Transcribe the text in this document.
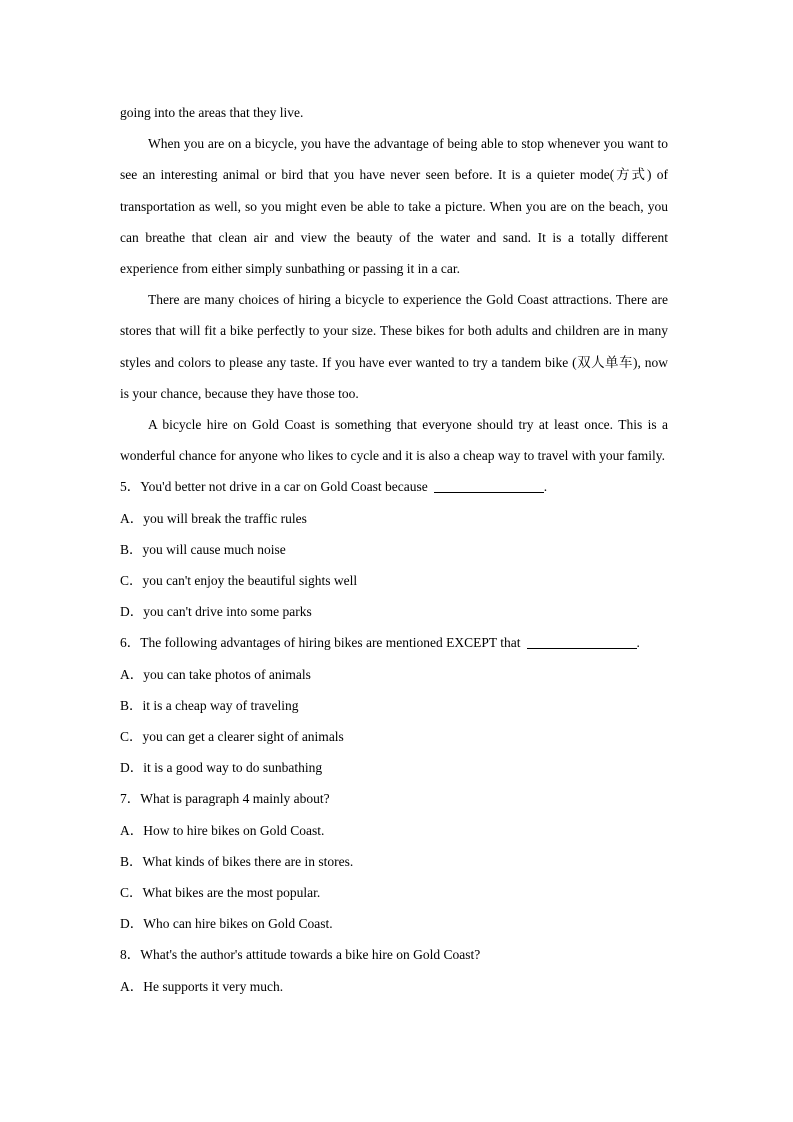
going into the areas that they live.

When you are on a bicycle, you have the advantage of being able to stop whenever you want to see an interesting animal or bird that you have never seen before. It is a quieter mode(方式) of transportation as well, so you might even be able to take a picture. When you are on the beach, you can breathe that clean air and view the beauty of the water and sand. It is a totally different experience from either simply sunbathing or passing it in a car.

There are many choices of hiring a bicycle to experience the Gold Coast attractions. There are stores that will fit a bike perfectly to your size. These bikes for both adults and children are in many styles and colors to please any taste. If you have ever wanted to try a tandem bike (双人单车), now is your chance, because they have those too.

A bicycle hire on Gold Coast is something that everyone should try at least once. This is a wonderful chance for anyone who likes to cycle and it is also a cheap way to travel with your family.

5．You'd better not drive in a car on Gold Coast because	.

A．you will break the traffic rules

B．you will cause much noise

C．you can't enjoy the beautiful sights well

D．you can't drive into some parks

6．The following advantages of hiring bikes are mentioned EXCEPT that	.

A．you can take photos of animals

B．it is a cheap way of traveling

C．you can get a clearer sight of animals

D．it is a good way to do sunbathing

7．What is paragraph 4 mainly about?

A．How to hire bikes on Gold Coast.

B．What kinds of bikes there are in stores.

C．What bikes are the most popular.

D．Who can hire bikes on Gold Coast.

8．What's the author's attitude towards a bike hire on Gold Coast?

A．He supports it very much.
